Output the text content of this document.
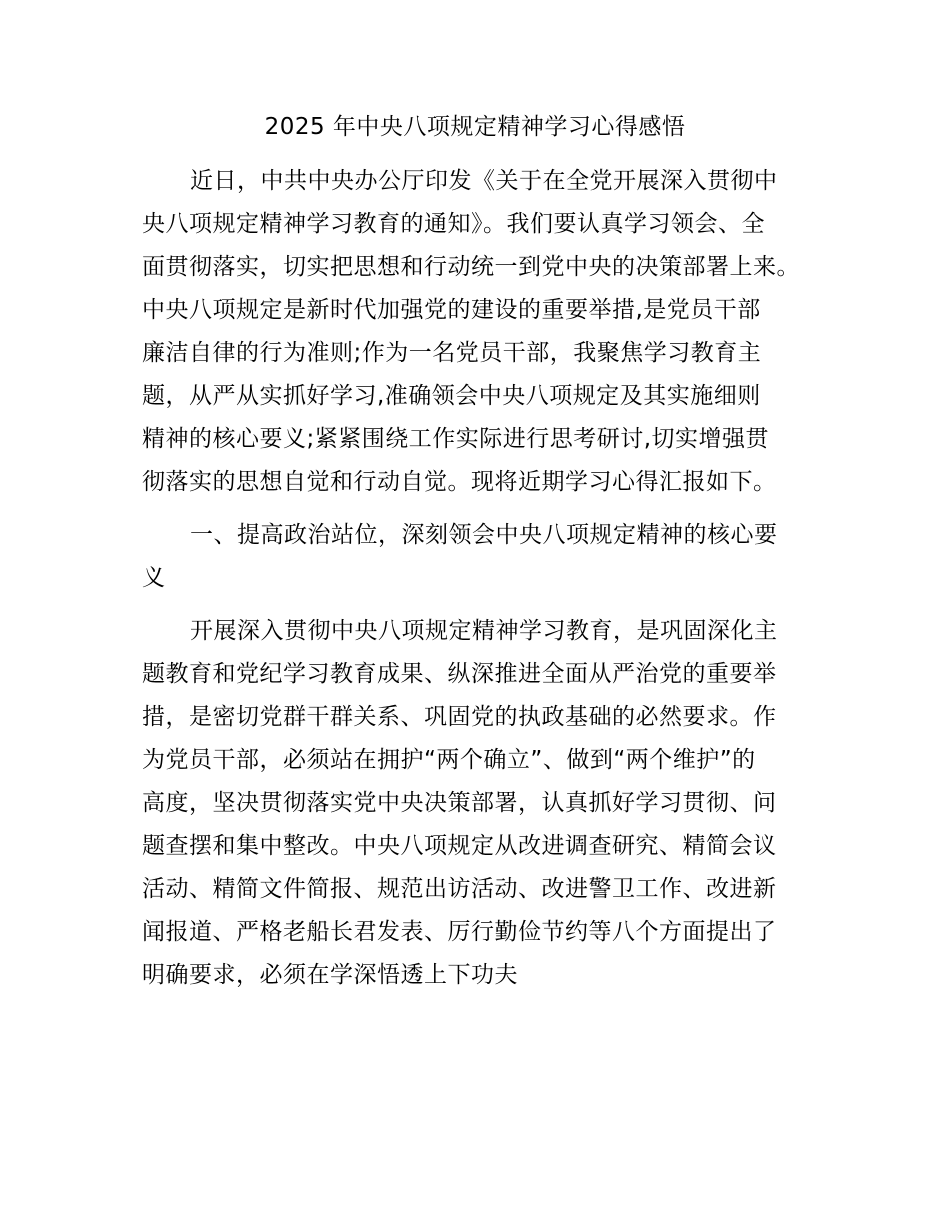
2025 年中央八项规定精神学习心得感悟

近日，中共中央办公厅印发《关于在全党开展深入贯彻中

央八项规定精神学习教育的通知》。我们要认真学习领会、全

面贯彻落实，切实把思想和行动统一到党中央的决策部署上来。

中央八项规定是新时代加强党的建设的重要举措,是党员干部

廉洁自律的行为准则;作为一名党员干部，我聚焦学习教育主

题，从严从实抓好学习,准确领会中央八项规定及其实施细则

精神的核心要义;紧紧围绕工作实际进行思考研讨,切实增强贯

彻落实的思想自觉和行动自觉。现将近期学习心得汇报如下。

一、提高政治站位，深刻领会中央八项规定精神的核心要

义

开展深入贯彻中央八项规定精神学习教育，是巩固深化主

题教育和党纪学习教育成果、纵深推进全面从严治党的重要举

措，是密切党群干群关系、巩固党的执政基础的必然要求。作

为党员干部，必须站在拥护“两个确立”、做到“两个维护”的

高度，坚决贯彻落实党中央决策部署，认真抓好学习贯彻、问

题查摆和集中整改。中央八项规定从改进调查研究、精简会议

活动、精简文件简报、规范出访活动、改进警卫工作、改进新

闻报道、严格老船长君发表、厉行勤俭节约等八个方面提出了

明确要求，必须在学深悟透上下功夫
